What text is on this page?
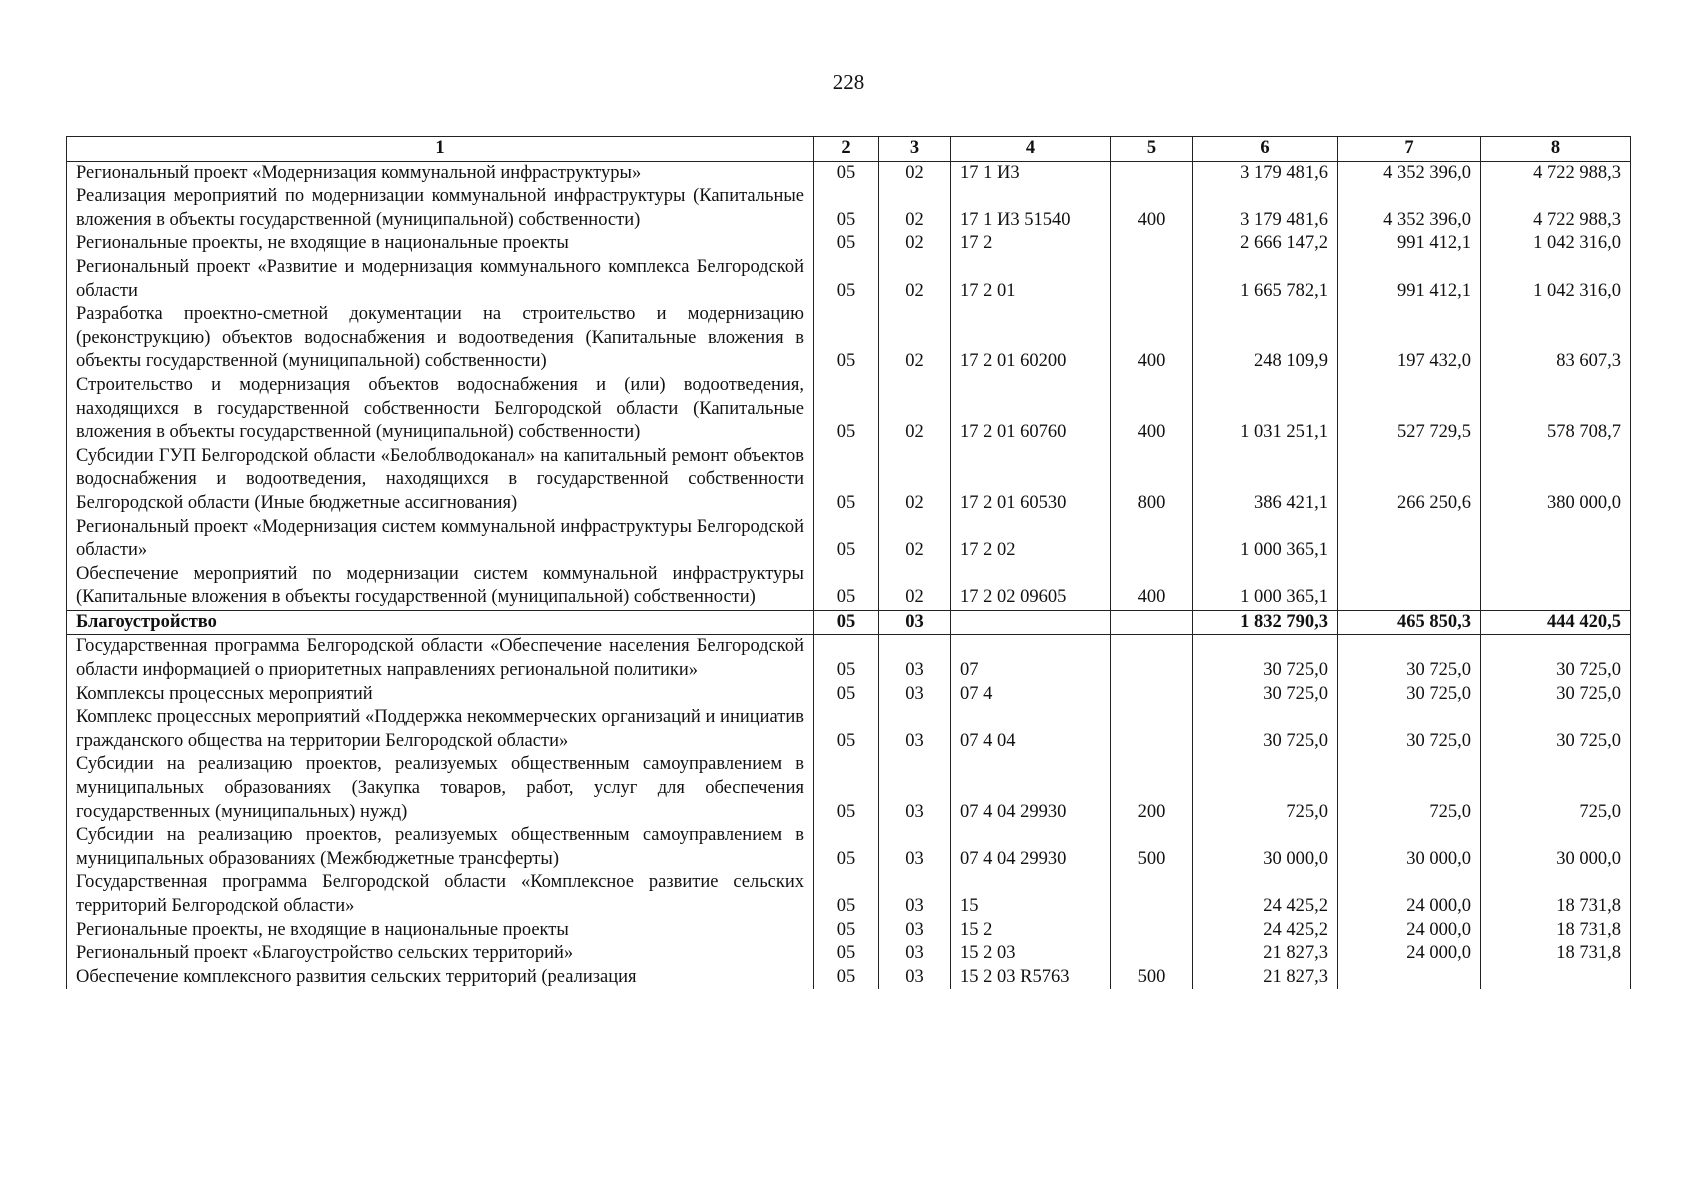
228
1	2	3	4	5	6	7	8
Региональный проект «Модернизация коммунальной инфраструктуры»	05	02	17 1 И3		3 179 481,6	4 352 396,0	4 722 988,3
Реализация мероприятий по модернизации коммунальной инфраструктуры (Капитальные вложения в объекты государственной (муниципальной) собственности)	05	02	17 1 И3 51540	400	3 179 481,6	4 352 396,0	4 722 988,3
Региональные проекты, не входящие в национальные проекты	05	02	17 2		2 666 147,2	991 412,1	1 042 316,0
Региональный проект «Развитие и модернизация коммунального комплекса Белгородской области	05	02	17 2 01		1 665 782,1	991 412,1	1 042 316,0
Разработка проектно-сметной документации на строительство и модернизацию (реконструкцию) объектов водоснабжения и водоотведения (Капитальные вложения в объекты государственной (муниципальной) собственности)	05	02	17 2 01 60200	400	248 109,9	197 432,0	83 607,3
Строительство и модернизация объектов водоснабжения и (или) водоотведения, находящихся в государственной собственности Белгородской области (Капитальные вложения в объекты государственной (муниципальной) собственности)	05	02	17 2 01 60760	400	1 031 251,1	527 729,5	578 708,7
Субсидии ГУП Белгородской области «Белоблводоканал» на капитальный ремонт объектов водоснабжения и водоотведения, находящихся в государственной собственности Белгородской области (Иные бюджетные ассигнования)	05	02	17 2 01 60530	800	386 421,1	266 250,6	380 000,0
Региональный проект «Модернизация систем коммунальной инфраструктуры Белгородской области»	05	02	17 2 02		1 000 365,1		
Обеспечение мероприятий по модернизации систем коммунальной инфраструктуры (Капитальные вложения в объекты государственной (муниципальной) собственности)	05	02	17 2 02 09605	400	1 000 365,1		
Благоустройство	05	03			1 832 790,3	465 850,3	444 420,5
Государственная программа Белгородской области «Обеспечение населения Белгородской области информацией о приоритетных направлениях региональной политики»	05	03	07		30 725,0	30 725,0	30 725,0
Комплексы процессных мероприятий	05	03	07 4		30 725,0	30 725,0	30 725,0
Комплекс процессных мероприятий «Поддержка некоммерческих организаций и инициатив гражданского общества на территории Белгородской области»	05	03	07 4 04		30 725,0	30 725,0	30 725,0
Субсидии на реализацию проектов, реализуемых общественным самоуправлением в муниципальных образованиях (Закупка товаров, работ, услуг для обеспечения государственных (муниципальных) нужд)	05	03	07 4 04 29930	200	725,0	725,0	725,0
Субсидии на реализацию проектов, реализуемых общественным самоуправлением в муниципальных образованиях (Межбюджетные трансферты)	05	03	07 4 04 29930	500	30 000,0	30 000,0	30 000,0
Государственная программа Белгородской области «Комплексное развитие сельских территорий Белгородской области»	05	03	15		24 425,2	24 000,0	18 731,8
Региональные проекты, не входящие в национальные проекты	05	03	15 2		24 425,2	24 000,0	18 731,8
Региональный проект «Благоустройство сельских территорий»	05	03	15 2 03		21 827,3	24 000,0	18 731,8
Обеспечение комплексного развития сельских территорий (реализация	05	03	15 2 03 R5763	500	21 827,3		
